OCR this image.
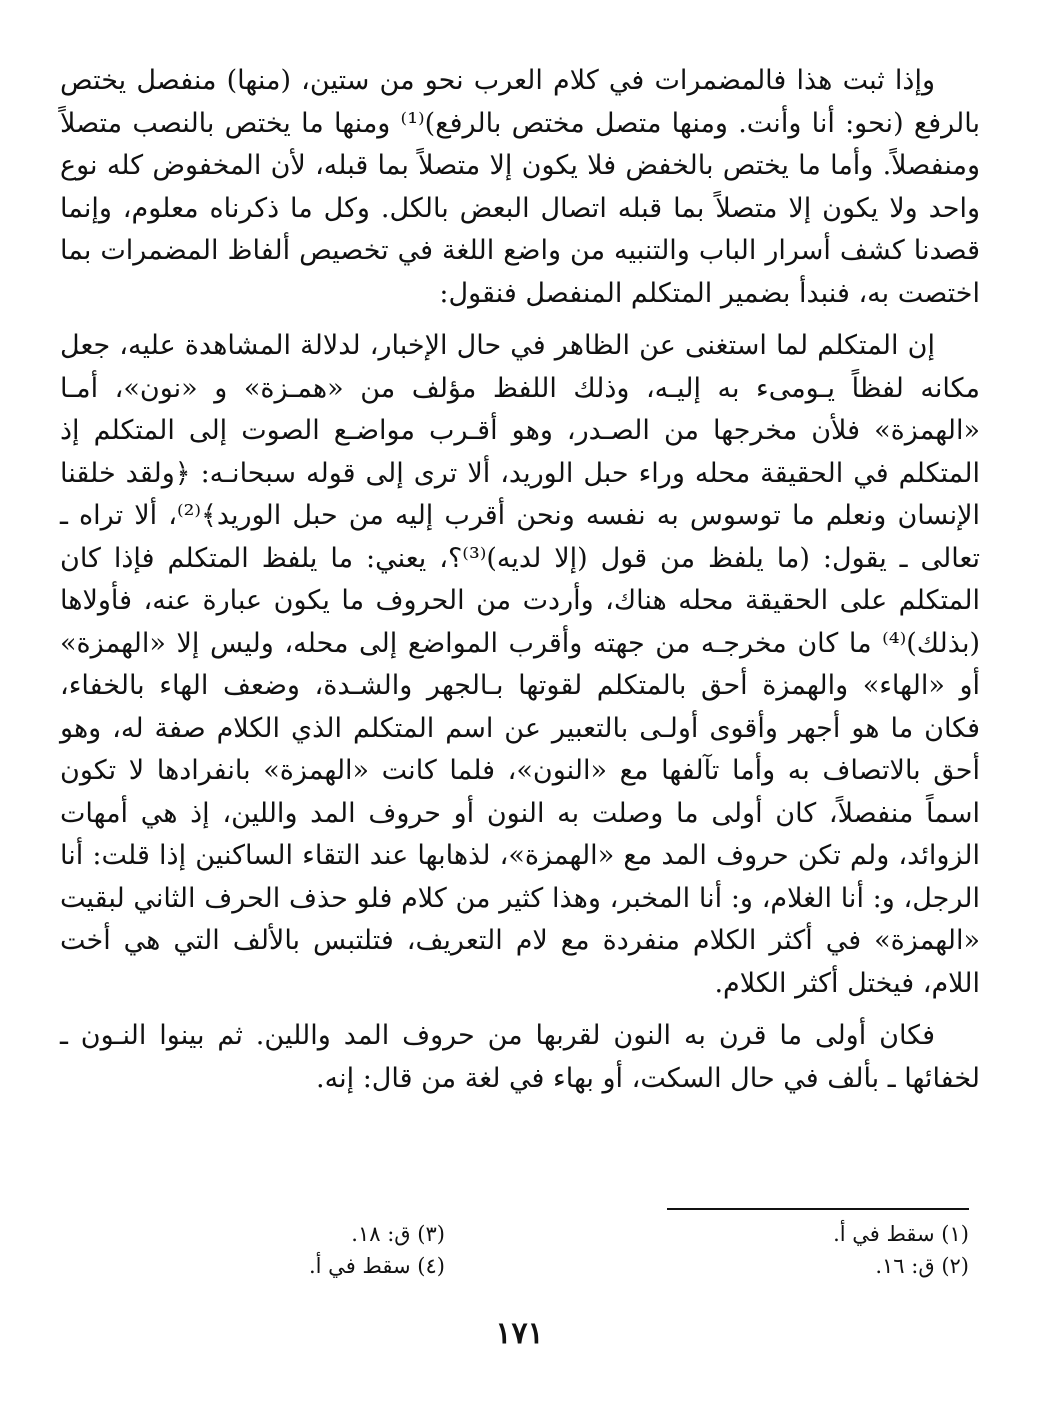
وإذا ثبت هذا فالمضمرات في كلام العرب نحو من ستين، (منها) منفصل يختص بالرفع (نحو: أنا وأنت. ومنها متصل مختص بالرفع)⁽¹⁾ ومنها ما يختص بالنصب متصلاً ومنفصلاً. وأما ما يختص بالخفض فلا يكون إلا متصلاً بما قبله، لأن المخفوض كله نوع واحد ولا يكون إلا متصلاً بما قبله اتصال البعض بالكل. وكل ما ذكرناه معلوم، وإنما قصدنا كشف أسرار الباب والتنبيه من واضع اللغة في تخصيص ألفاظ المضمرات بما اختصت به، فنبدأ بضمير المتكلم المنفصل فنقول:

إن المتكلم لما استغنى عن الظاهر في حال الإخبار، لدلالة المشاهدة عليه، جعل مكانه لفظاً يـومىء به إليـه، وذلك اللفظ مؤلف من «همـزة» و «نون»، أمـا «الهمزة» فلأن مخرجها من الصـدر، وهو أقـرب مواضـع الصوت إلى المتكلم إذ المتكلم في الحقيقة محله وراء حبل الوريد، ألا ترى إلى قوله سبحانـه: ﴿ولقد خلقنا الإنسان ونعلم ما توسوس به نفسه ونحن أقرب إليه من حبل الوريد﴾⁽²⁾، ألا تراه ـ تعالى ـ يقول: (ما يلفظ من قول (إلا لديه)⁽³⁾؟، يعني: ما يلفظ المتكلم فإذا كان المتكلم على الحقيقة محله هناك، وأردت من الحروف ما يكون عبارة عنه، فأولاها (بذلك)⁽⁴⁾ ما كان مخرجـه من جهته وأقرب المواضع إلى محله، وليس إلا «الهمزة» أو «الهاء» والهمزة أحق بالمتكلم لقوتها بـالجهر والشـدة، وضعف الهاء بالخفاء، فكان ما هو أجهر وأقوى أولـى بالتعبير عن اسم المتكلم الذي الكلام صفة له، وهو أحق بالاتصاف به وأما تآلفها مع «النون»، فلما كانت «الهمزة» بانفرادها لا تكون اسماً منفصلاً، كان أولى ما وصلت به النون أو حروف المد واللين، إذ هي أمهات الزوائد، ولم تكن حروف المد مع «الهمزة»، لذهابها عند التقاء الساكنين إذا قلت: أنا الرجل، و: أنا الغلام، و: أنا المخبر، وهذا كثير من كلام فلو حذف الحرف الثاني لبقيت «الهمزة» في أكثر الكلام منفردة مع لام التعريف، فتلتبس بالألف التي هي أخت اللام، فيختل أكثر الكلام.

فكان أولى ما قرن به النون لقربها من حروف المد واللين. ثم بينوا النـون ـ لخفائها ـ بألف في حال السكت، أو بهاء في لغة من قال: إنه.

(١) سقط في أ.
(٢) ق: ١٦.
(٣) ق: ١٨.
(٤) سقط في أ.
١٧١
